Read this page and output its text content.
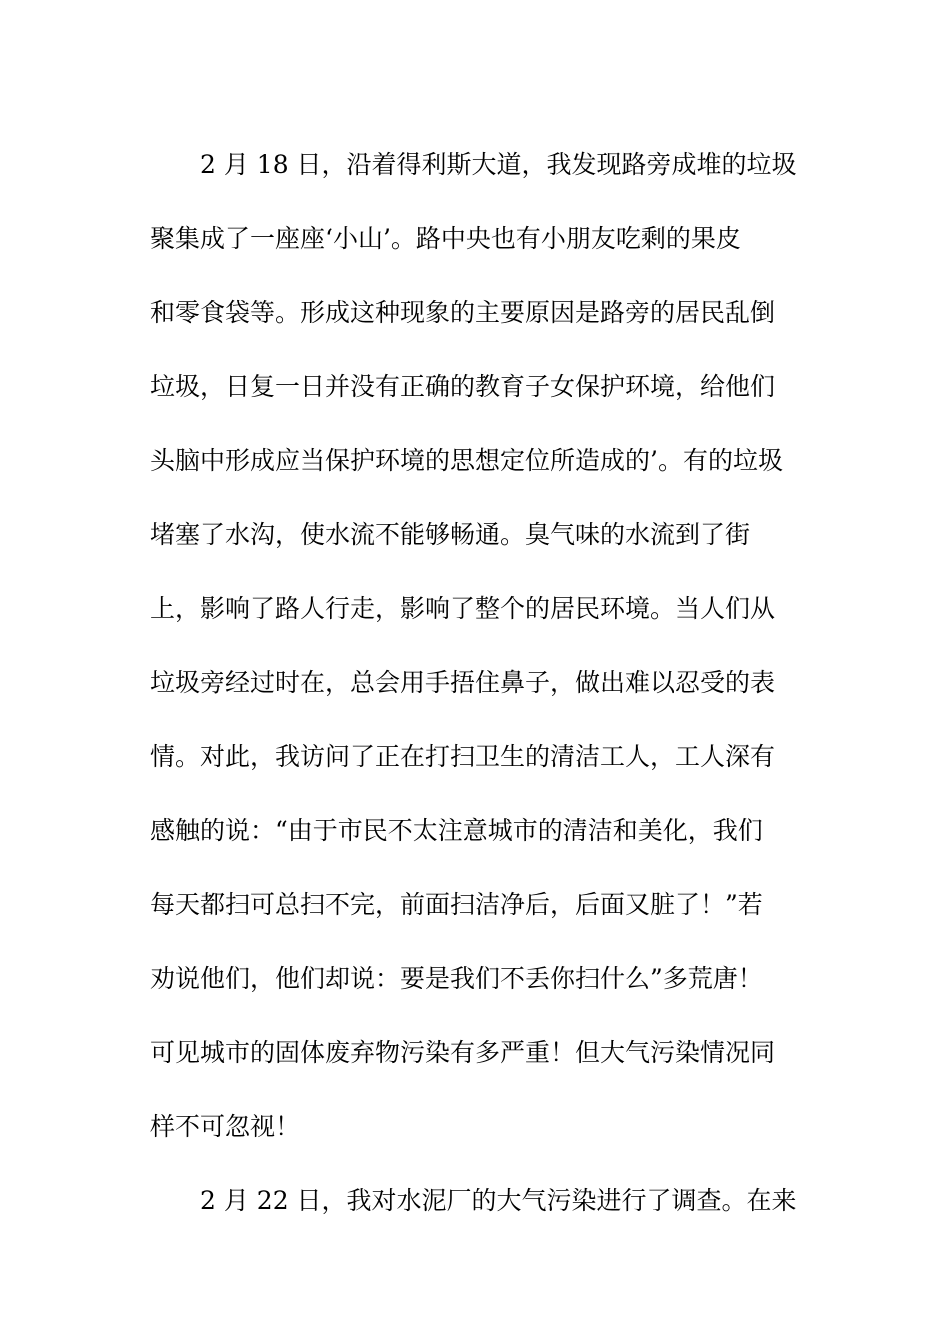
2 月 18 日，沿着得利斯大道，我发现路旁成堆的垃圾
聚集成了一座座‘小山’。路中央也有小朋友吃剩的果皮
和零食袋等。形成这种现象的主要原因是路旁的居民乱倒
垃圾，日复一日并没有正确的教育子女保护环境，给他们
头脑中形成应当保护环境的思想定位所造成的’。有的垃圾
堵塞了水沟，使水流不能够畅通。臭气味的水流到了街
上，影响了路人行走，影响了整个的居民环境。当人们从
垃圾旁经过时在，总会用手捂住鼻子，做出难以忍受的表
情。对此，我访问了正在打扫卫生的清洁工人，工人深有
感触的说：“由于市民不太注意城市的清洁和美化，我们
每天都扫可总扫不完，前面扫洁净后，后面又脏了！”若
劝说他们，他们却说：要是我们不丢你扫什么”多荒唐！
可见城市的固体废弃物污染有多严重！但大气污染情况同
样不可忽视！
2 月 22 日，我对水泥厂的大气污染进行了调查。在来
